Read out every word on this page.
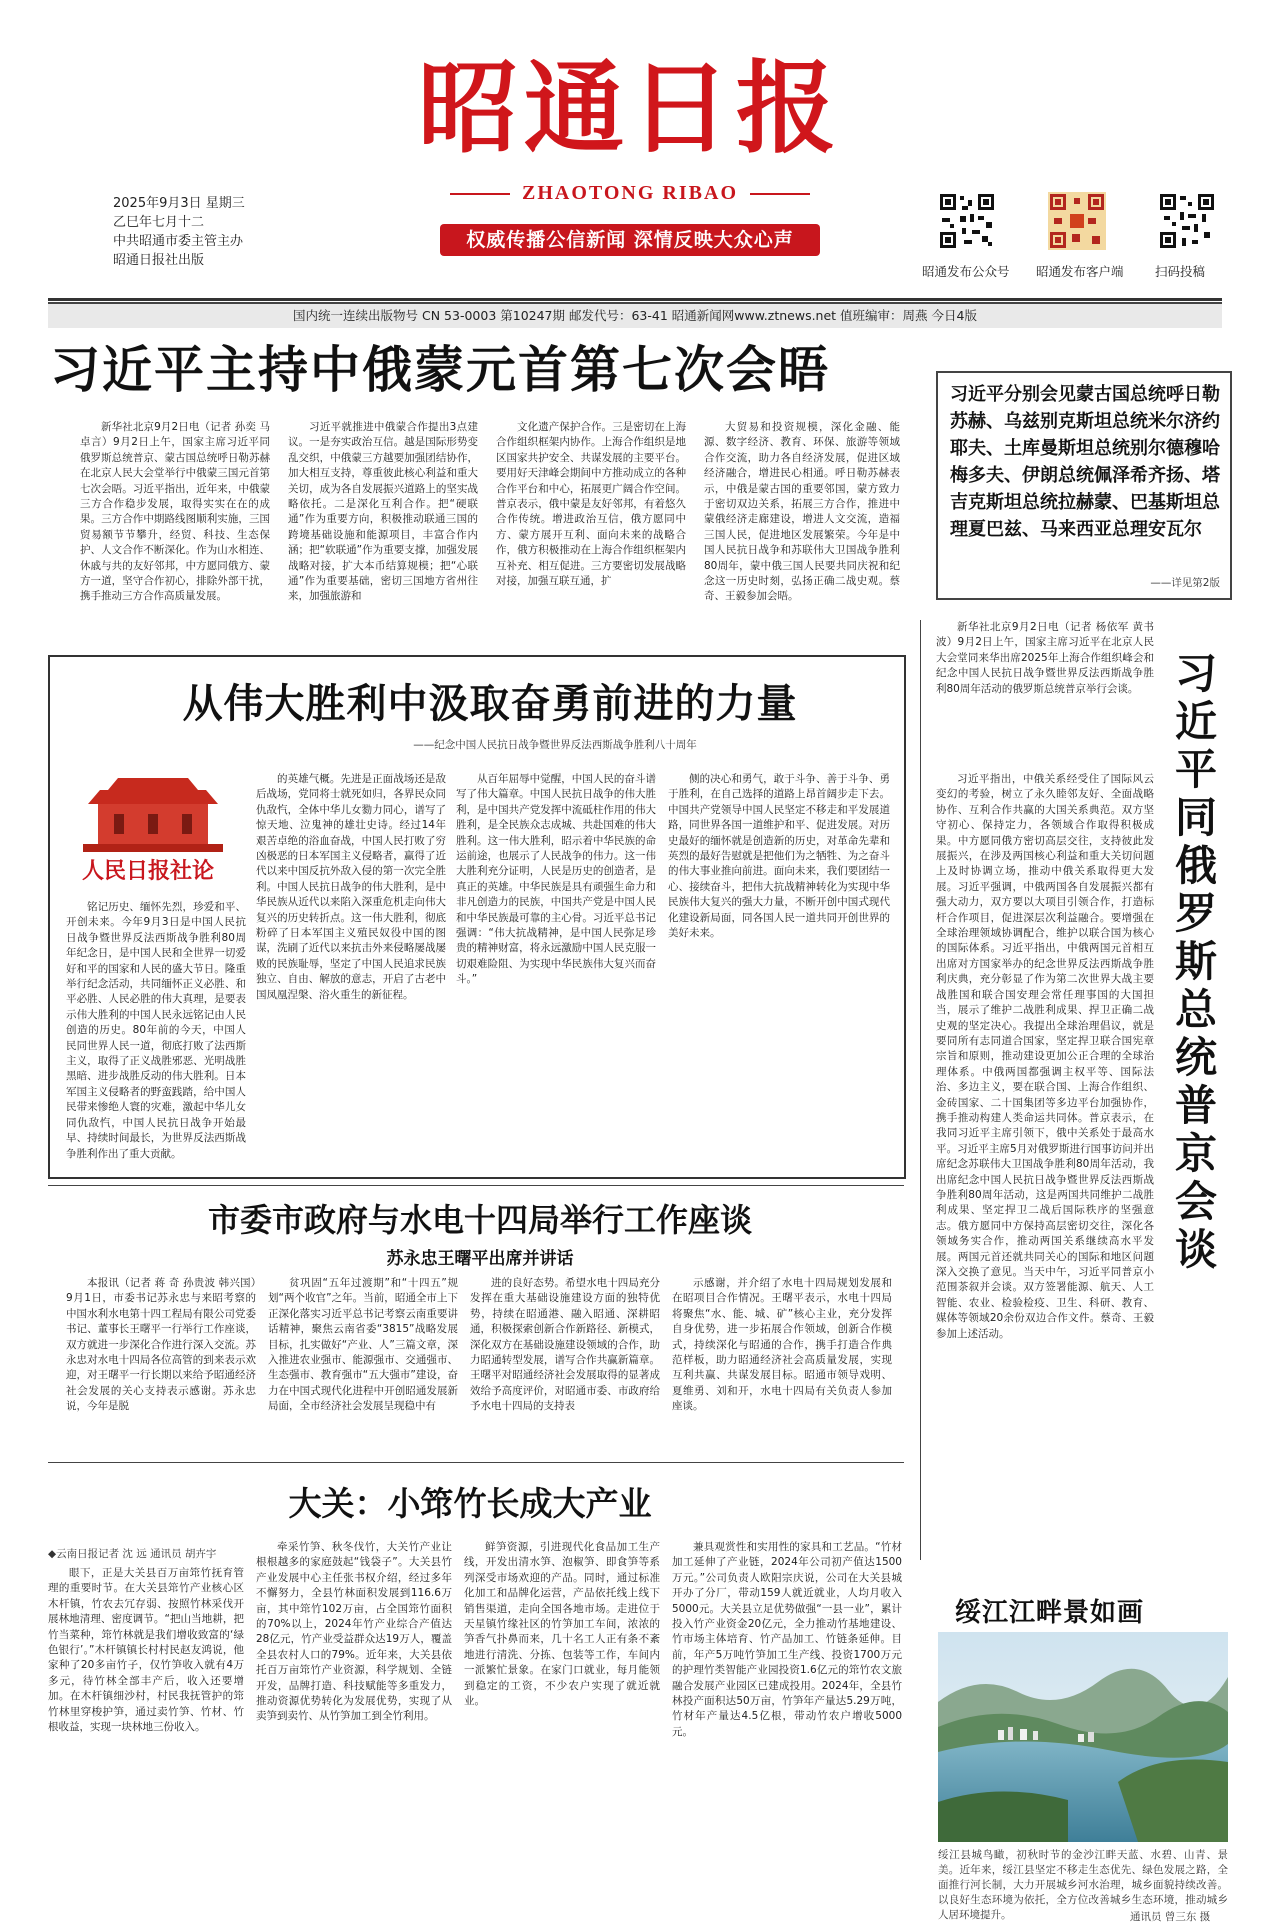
昭通日报
ZHAOTONG RIBAO
权威传播公信新闻 深情反映大众心声
2025年9月3日 星期三
乙巳年七月十二
中共昭通市委主管主办
昭通日报社出版
昭通发布公众号 昭通发布客户端	扫码投稿
国内统一连续出版物号 CN 53-0003 第10247期 邮发代号：63-41 昭通新闻网www.ztnews.net 值班编审：周燕 今日4版
习近平主持中俄蒙元首第七次会晤

新华社北京9月2日电（记者 孙奕 马卓言）9月2日上午，国家主席习近平同俄罗斯总统普京、蒙古国总统呼日勒苏赫在北京人民大会堂举行中俄蒙三国元首第七次会晤。习近平指出，近年来，中俄蒙三方合作稳步发展，取得实实在在的成果。三方合作中期路线图顺利实施，三国贸易额节节攀升，经贸、科技、生态保护、人文合作不断深化。作为山水相连、休戚与共的友好邻邦，中方愿同俄方、蒙方一道，坚守合作初心，排除外部干扰，携手推动三方合作高质量发展。

习近平就推进中俄蒙合作提出3点建议。一是夯实政治互信。越是国际形势变乱交织，中俄蒙三方越要加强团结协作，加大相互支持，尊重彼此核心利益和重大关切，成为各自发展振兴道路上的坚实战略依托。二是深化互利合作。把“硬联通”作为重要方向，积极推动联通三国的跨境基础设施和能源项目，丰富合作内涵；把“软联通”作为重要支撑，加强发展战略对接，扩大本币结算规模；把“心联通”作为重要基础，密切三国地方省州往来，加强旅游和

文化遗产保护合作。三是密切在上海合作组织框架内协作。上海合作组织是地区国家共护安全、共谋发展的主要平台。要用好天津峰会期间中方推动成立的各种合作平台和中心，拓展更广阔合作空间。普京表示，俄中蒙是友好邻邦，有着悠久合作传统。增进政治互信，俄方愿同中方、蒙方展开互利、面向未来的战略合作，俄方积极推动在上海合作组织框架内互补充、相互促进。三方要密切发展战略对接，加强互联互通，扩

大贸易和投资规模，深化金融、能源、数字经济、教育、环保、旅游等领域合作交流，助力各自经济发展，促进区域经济融合，增进民心相通。呼日勒苏赫表示，中俄是蒙古国的重要邻国，蒙方致力于密切双边关系，拓展三方合作，推进中蒙俄经济走廊建设，增进人文交流，造福三国人民，促进地区发展繁荣。今年是中国人民抗日战争和苏联伟大卫国战争胜利80周年，蒙中俄三国人民要共同庆祝和纪念这一历史时刻，弘扬正确二战史观。蔡奇、王毅参加会晤。

习近平分别会见蒙古国总统呼日勒苏赫、乌兹别克斯坦总统米尔济约耶夫、土库曼斯坦总统别尔德穆哈梅多夫、伊朗总统佩泽希齐扬、塔吉克斯坦总统拉赫蒙、巴基斯坦总理夏巴兹、马来西亚总理安瓦尔
——详见第2版
从伟大胜利中汲取奋勇前进的力量
——纪念中国人民抗日战争暨世界反法西斯战争胜利八十周年
人民日报社论

铭记历史、缅怀先烈，珍爱和平、开创未来。今年9月3日是中国人民抗日战争暨世界反法西斯战争胜利80周年纪念日，是中国人民和全世界一切爱好和平的国家和人民的盛大节日。隆重举行纪念活动，共同缅怀正义必胜、和平必胜、人民必胜的伟大真理，是要表示伟大胜利的中国人民永远铭记由人民创造的历史。80年前的今天，中国人民同世界人民一道，彻底打败了法西斯主义，取得了正义战胜邪恶、光明战胜黑暗、进步战胜反动的伟大胜利。日本军国主义侵略者的野蛮践踏，给中国人民带来惨绝人寰的灾难，激起中华儿女同仇敌忾，中国人民抗日战争开始最早、持续时间最长，为世界反法西斯战争胜利作出了重大贡献。

的英雄气概。先进是正面战场还是敌后战场，党同将士就死如归，各界民众同仇敌忾，全体中华儿女勠力同心，谱写了惊天地、泣鬼神的雄壮史诗。经过14年艰苦卓绝的浴血奋战，中国人民打败了穷凶极恶的日本军国主义侵略者，赢得了近代以来中国反抗外敌入侵的第一次完全胜利。中国人民抗日战争的伟大胜利，是中华民族从近代以来陷入深重危机走向伟大复兴的历史转折点。这一伟大胜利，彻底粉碎了日本军国主义殖民奴役中国的图谋，洗刷了近代以来抗击外来侵略屡战屡败的民族耻辱，坚定了中国人民追求民族独立、自由、解放的意志，开启了古老中国凤凰涅槃、浴火重生的新征程。

从百年屈辱中觉醒，中国人民的奋斗谱写了伟大篇章。中国人民抗日战争的伟大胜利，是中国共产党发挥中流砥柱作用的伟大胜利，是全民族众志成城、共赴国难的伟大胜利。这一伟大胜利，昭示着中华民族的命运前途，也展示了人民战争的伟力。这一伟大胜利充分证明，人民是历史的创造者，是真正的英雄。中华民族是具有顽强生命力和非凡创造力的民族，中国共产党是中国人民和中华民族最可靠的主心骨。习近平总书记强调：“伟大抗战精神，是中国人民弥足珍贵的精神财富，将永远激励中国人民克服一切艰难险阻、为实现中华民族伟大复兴而奋斗。”

侧的决心和勇气，敢于斗争、善于斗争、勇于胜利，在自己选择的道路上昂首阔步走下去。中国共产党领导中国人民坚定不移走和平发展道路，同世界各国一道维护和平、促进发展。对历史最好的缅怀就是创造新的历史，对革命先辈和英烈的最好告慰就是把他们为之牺牲、为之奋斗的伟大事业推向前进。面向未来，我们要团结一心、接续奋斗，把伟大抗战精神转化为实现中华民族伟大复兴的强大力量，不断开创中国式现代化建设新局面，同各国人民一道共同开创世界的美好未来。

新华社北京9月2日电（记者 杨依军 黄书波）9月2日上午，国家主席习近平在北京人民大会堂同来华出席2025年上海合作组织峰会和纪念中国人民抗日战争暨世界反法西斯战争胜利80周年活动的俄罗斯总统普京举行会谈。 习近平同俄罗斯总统普京会谈

习近平指出，中俄关系经受住了国际风云变幻的考验，树立了永久睦邻友好、全面战略协作、互利合作共赢的大国关系典范。双方坚守初心、保持定力，各领域合作取得积极成果。中方愿同俄方密切高层交往，支持彼此发展振兴，在涉及两国核心利益和重大关切问题上及时协调立场，推动中俄关系取得更大发展。习近平强调，中俄两国各自发展振兴都有强大动力，双方要以大项目引领合作，打造标杆合作项目，促进深层次利益融合。要增强在全球治理领域协调配合，维护以联合国为核心的国际体系。习近平指出，中俄两国元首相互出席对方国家举办的纪念世界反法西斯战争胜利庆典，充分彰显了作为第二次世界大战主要战胜国和联合国安理会常任理事国的大国担当，展示了维护二战胜利成果、捍卫正确二战史观的坚定决心。我提出全球治理倡议，就是要同所有志同道合国家，坚定捍卫联合国宪章宗旨和原则，推动建设更加公正合理的全球治理体系。中俄两国都强调主权平等、国际法治、多边主义，要在联合国、上海合作组织、金砖国家、二十国集团等多边平台加强协作，携手推动构建人类命运共同体。普京表示，在我同习近平主席引领下，俄中关系处于最高水平。习近平主席5月对俄罗斯进行国事访问并出席纪念苏联伟大卫国战争胜利80周年活动，我出席纪念中国人民抗日战争暨世界反法西斯战争胜利80周年活动，这是两国共同维护二战胜利成果、坚定捍卫二战后国际秩序的坚强意志。俄方愿同中方保持高层密切交往，深化各领域务实合作，推动两国关系继续高水平发展。两国元首还就共同关心的国际和地区问题深入交换了意见。当天中午，习近平同普京小范围茶叙并会谈。双方签署能源、航天、人工智能、农业、检验检疫、卫生、科研、教育、媒体等领域20余份双边合作文件。蔡奇、王毅参加上述活动。

市委市政府与水电十四局举行工作座谈
苏永忠王曙平出席并讲话

本报讯（记者 蒋 奇 孙贵波 韩兴国）9月1日，市委书记苏永忠与来昭考察的中国水利水电第十四工程局有限公司党委书记、董事长王曙平一行举行工作座谈，双方就进一步深化合作进行深入交流。苏永忠对水电十四局各位高管的到来表示欢迎，对王曙平一行长期以来给予昭通经济社会发展的关心支持表示感谢。苏永忠说，今年是脱

贫巩固“五年过渡期”和“十四五”规划“两个收官”之年。当前，昭通全市上下正深化落实习近平总书记考察云南重要讲话精神，聚焦云南省委“3815”战略发展目标，扎实做好“产业、人”三篇文章，深入推进农业强市、能源强市、交通强市、生态强市、教育强市“五大强市”建设，奋力在中国式现代化进程中开创昭通发展新局面，全市经济社会发展呈现稳中有

进的良好态势。希望水电十四局充分发挥在重大基础设施建设方面的独特优势，持续在昭通港、融入昭通、深耕昭通，积极探索创新合作新路径、新模式，深化双方在基础设施建设领域的合作，助力昭通转型发展，谱写合作共赢新篇章。王曙平对昭通经济社会发展取得的显著成效给予高度评价，对昭通市委、市政府给予水电十四局的支持表

示感谢，并介绍了水电十四局规划发展和在昭项目合作情况。王曙平表示，水电十四局将聚焦“水、能、城、矿”核心主业，充分发挥自身优势，进一步拓展合作领域，创新合作模式，持续深化与昭通的合作，携手打造合作典范样板，助力昭通经济社会高质量发展，实现互利共赢、共谋发展目标。昭通市领导戏明、夏维勇、刘和开，水电十四局有关负责人参加座谈。

大关：小筇竹长成大产业
◆云南日报记者 沈 远 通讯员 胡卉宇

眼下，正是大关县百万亩筇竹抚育管理的重要时节。在大关县筇竹产业核心区木杆镇，竹农去冗存弱、按照竹林采伐开展林地清理、密度调节。“把山当地耕，把竹当菜种，筇竹林就是我们增收致富的‘绿色银行’。”木杆镇镇长村村民赵友鸿说，他家种了20多亩竹子，仅竹笋收入就有4万多元，待竹林全部丰产后，收入还要增加。在木杆镇细沙村，村民我抚管护的筇竹林里穿梭护笋，通过卖竹笋、竹材、竹根收益，实现一块林地三份收入。

牵采竹笋、秋冬伐竹，大关竹产业让根根越多的家庭鼓起“钱袋子”。大关县竹产业发展中心主任张书权介绍，经过多年不懈努力，全县竹林面积发展到116.6万亩，其中筇竹102万亩，占全国筇竹面积的70%以上，2024年竹产业综合产值达28亿元，竹产业受益群众达19万人，覆盖全县农村人口的79%。近年来，大关县依托百万亩筇竹产业资源，科学规划、全链开发，品牌打造、科技赋能等多重发力，推动资源优势转化为发展优势，实现了从卖笋到卖竹、从竹笋加工到全竹利用。

鲜笋资源，引进现代化食品加工生产线，开发出清水笋、泡椒笋、即食笋等系列深受市场欢迎的产品。同时，通过标准化加工和品牌化运营，产品依托线上线下销售渠道，走向全国各地市场。走进位于天星镇竹缘社区的竹笋加工车间，浓浓的笋香气扑鼻而来，几十名工人正有条不紊地进行清洗、分拣、包装等工作，车间内一派繁忙景象。在家门口就业，每月能领到稳定的工资，不少农户实现了就近就业。

兼具观赏性和实用性的家具和工艺品。“竹材加工延伸了产业链，2024年公司初产值达1500万元。”公司负责人欧阳宗庆说，公司在大关县城开办了分厂，带动159人就近就业，人均月收入5000元。大关县立足优势做强“一县一业”，累计投入竹产业资金20亿元，全力推动竹基地建设、竹市场主体培育、竹产品加工、竹链条延伸。目前，年产5万吨竹笋加工生产线、投资1700万元的护理竹类智能产业园投资1.6亿元的筇竹农文旅融合发展产业园区已建成投用。2024年，全县竹林投产面积达50万亩，竹笋年产量达5.29万吨，竹材年产量达4.5亿根，带动竹农户增收5000元。

绥江江畔景如画
绥江县城鸟瞰，初秋时节的金沙江畔天蓝、水碧、山青、景美。近年来，绥江县坚定不移走生态优先、绿色发展之路，全面推行河长制，大力开展城乡河水治理，城乡面貌持续改善。以良好生态环境为依托，全方位改善城乡生态环境，推动城乡人居环境提升。	通讯员 曾三东 摄
